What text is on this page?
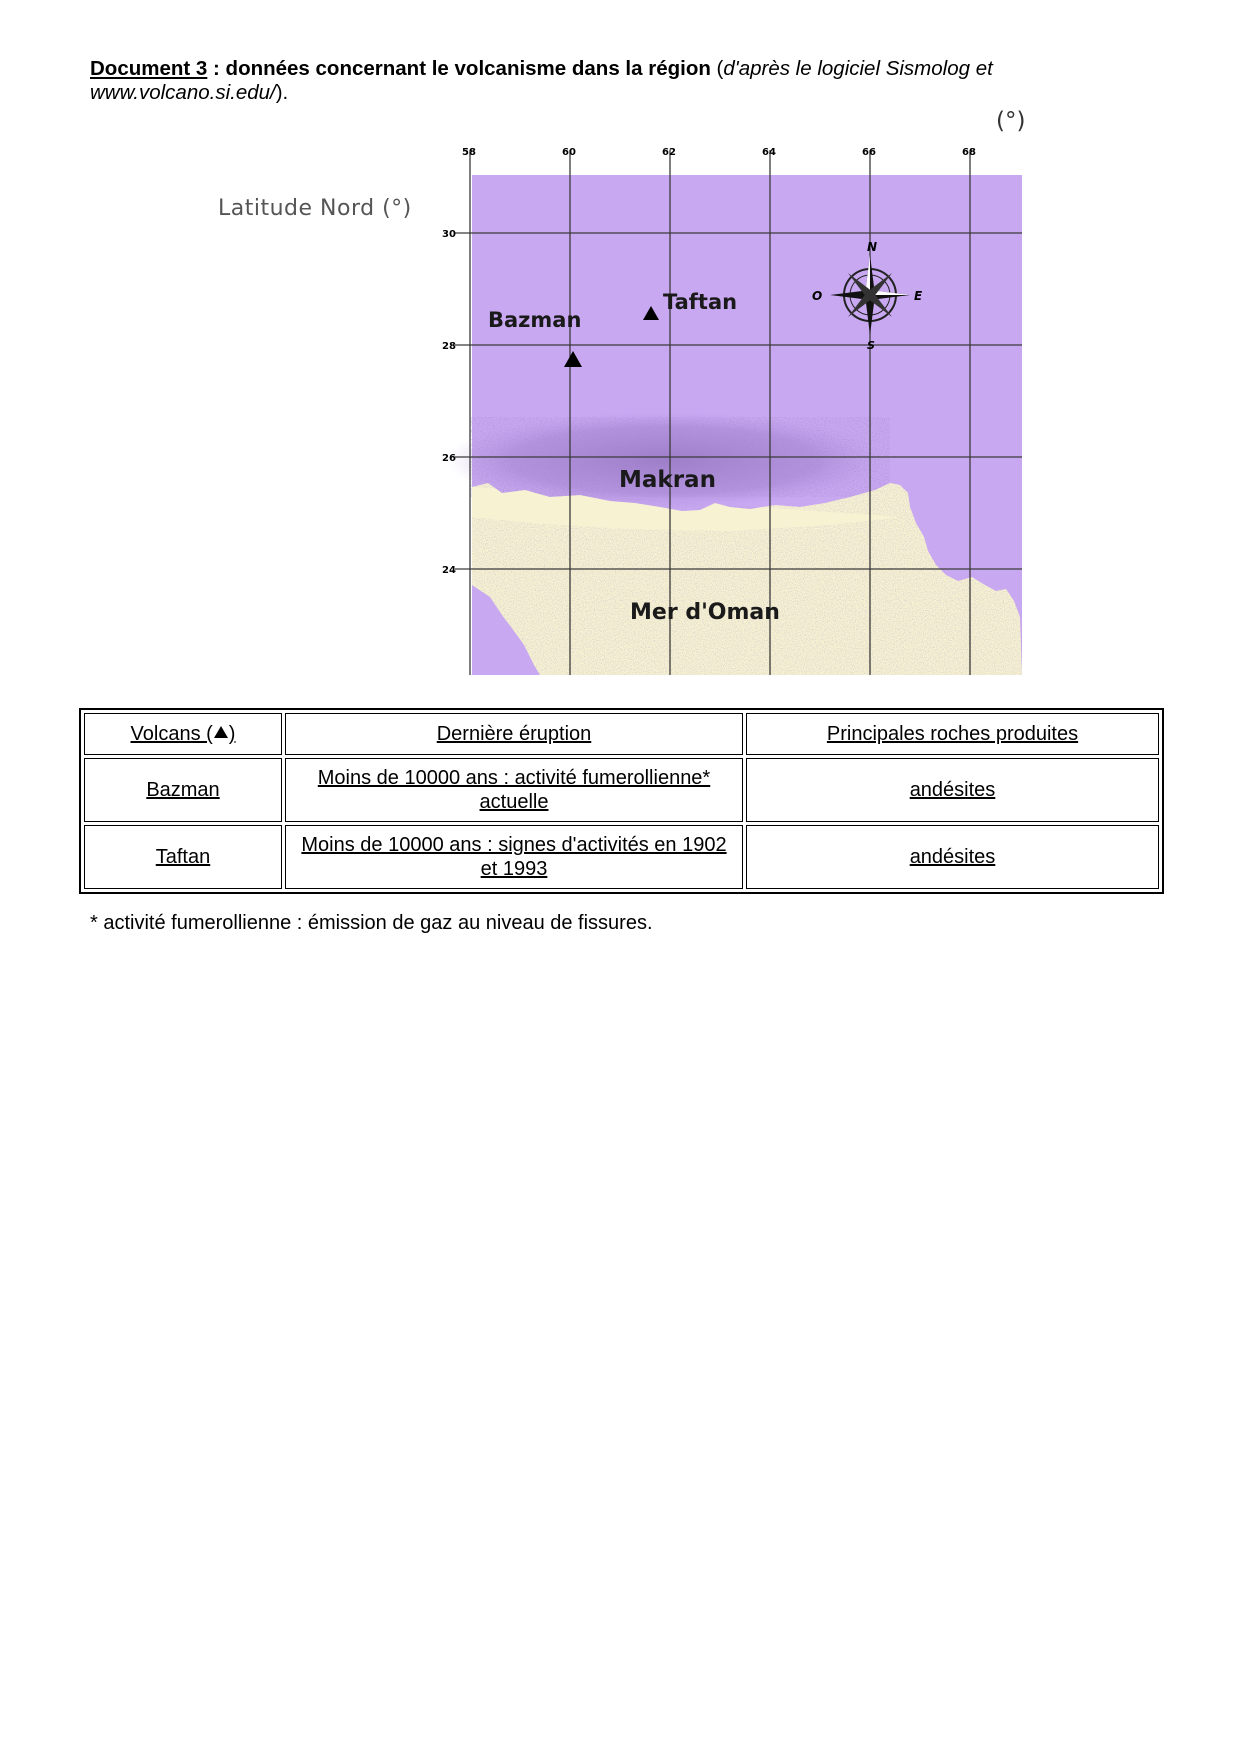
Document 3 : données concernant le volcanisme dans la région (d'après le logiciel Sismolog et www.volcano.si.edu/).
(°)
Latitude Nord (°)
58	60	62	64	66	68
30
28
26
24
N
S
E
O
Bazman
Taftan
Makran
Mer d'Oman
Volcans ( )	Dernière éruption	Principales roches produites
Bazman	Moins de 10000 ans : activité fumerollienne* actuelle	andésites
Taftan	Moins de 10000 ans : signes d'activités en 1902 et 1993	andésites
* activité fumerollienne : émission de gaz au niveau de fissures.
